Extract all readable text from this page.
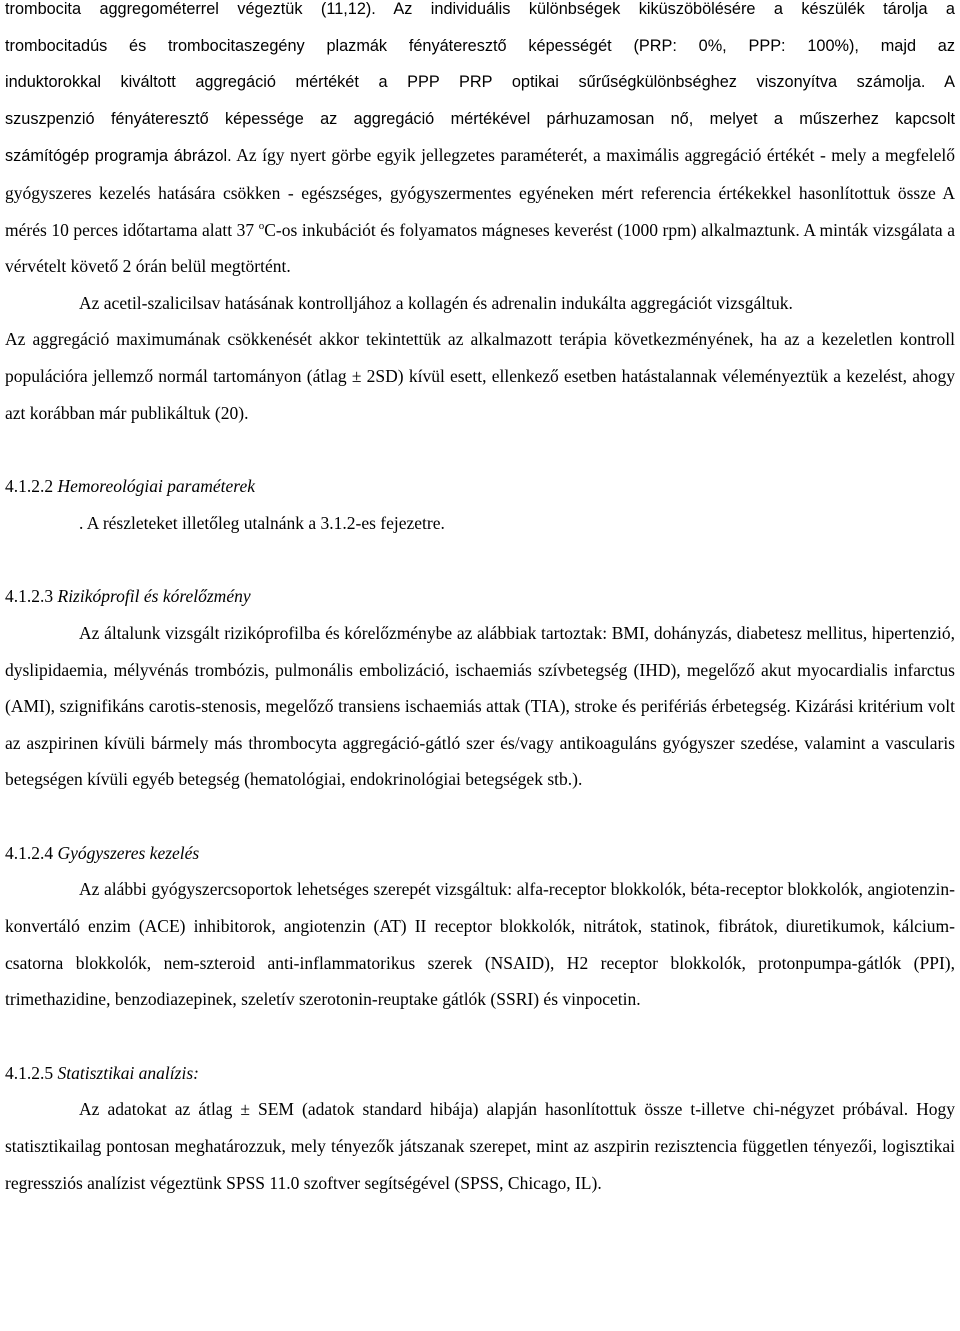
trombocita aggregométerrel végeztük (11,12). Az individuális különbségek kiküszöbölésére a készülék tárolja a

trombocitadús és trombocitaszegény plazmák fényáteresztő képességét (PRP: 0%, PPP: 100%), majd az

induktorokkal kiváltott aggregáció mértékét a PPP PRP optikai sűrűségkülönbséghez viszonyítva számolja. A

szuszpenzió fényáteresztő képessége az aggregáció mértékével párhuzamosan nő, melyet a műszerhez kapcsolt

számítógép programja ábrázol. Az így nyert görbe egyik jellegzetes paraméterét, a maximális aggregáció értékét - mely a megfelelő gyógyszeres kezelés hatására csökken - egészséges, gyógyszermentes egyéneken mért referencia értékekkel hasonlítottuk össze A mérés 10 perces időtartama alatt 37 $^o$C-os inkubációt és folyamatos mágneses keverést (1000 rpm) alkalmaztunk. A minták vizsgálata a vérvételt követő 2 órán belül megtörtént.

Az acetil-szalicilsav hatásának kontrolljához a kollagén és adrenalin indukálta aggregációt vizsgáltuk.

Az aggregáció maximumának csökkenését akkor tekintettük az alkalmazott terápia következményének, ha az a kezeletlen kontroll populációra jellemző normál tartományon (átlag ± 2SD) kívül esett, ellenkező esetben hatástalannak véleményeztük a kezelést, ahogy azt korábban már publikáltuk (20).

4.1.2.2 Hemoreológiai paraméterek

. A részleteket illetőleg utalnánk a 3.1.2-es fejezetre.

4.1.2.3 Rizikóprofil és kórelőzmény

Az általunk vizsgált rizikóprofilba és kórelőzménybe az alábbiak tartoztak: BMI, dohányzás, diabetesz mellitus, hipertenzió, dyslipidaemia, mélyvénás trombózis, pulmonális embolizáció, ischaemiás szívbetegség (IHD), megelőző akut myocardialis infarctus (AMI), szignifikáns carotis-stenosis, megelőző transiens ischaemiás attak (TIA), stroke és perifériás érbetegség. Kizárási kritérium volt az aszpirinen kívüli bármely más thrombocyta aggregáció-gátló szer és/vagy antikoaguláns gyógyszer szedése, valamint a vascularis betegségen kívüli egyéb betegség (hematológiai, endokrinológiai betegségek stb.).

4.1.2.4 Gyógyszeres kezelés

Az alábbi gyógyszercsoportok lehetséges szerepét vizsgáltuk: alfa-receptor blokkolók, béta-receptor blokkolók, angiotenzin-konvertáló enzim (ACE) inhibitorok, angiotenzin (AT) II receptor blokkolók, nitrátok, statinok, fibrátok, diuretikumok, kálcium-csatorna blokkolók, nem-szteroid anti-inflammatorikus szerek (NSAID), H2 receptor blokkolók, protonpumpa-gátlók (PPI), trimethazidine, benzodiazepinek, szeletív szerotonin-reuptake gátlók (SSRI) és vinpocetin.

4.1.2.5 Statisztikai analízis:

Az adatokat az átlag ± SEM (adatok standard hibája) alapján hasonlítottuk össze t-illetve chi-négyzet próbával. Hogy statisztikailag pontosan meghatározzuk, mely tényezők játszanak szerepet, mint az aszpirin rezisztencia független tényezői, logisztikai regressziós analízist végeztünk SPSS 11.0 szoftver segítségével (SPSS, Chicago, IL).
